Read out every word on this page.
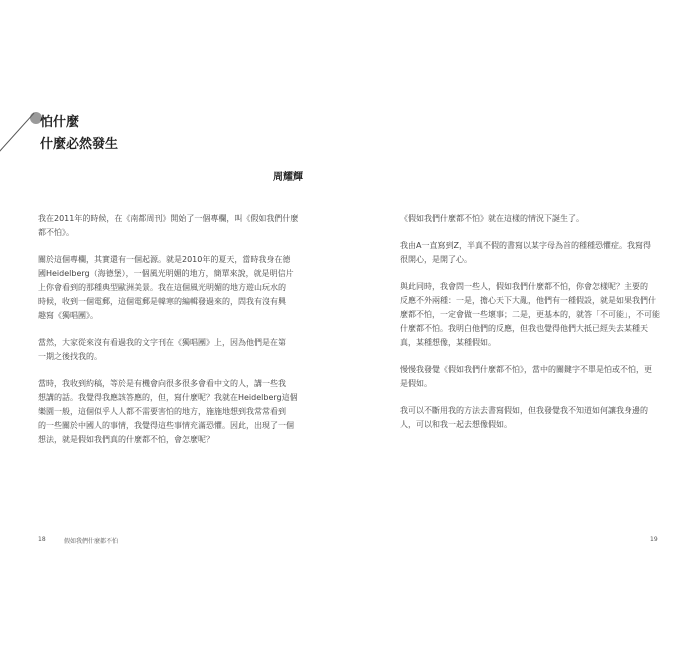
怕什麼
什麼必然發生
周耀輝

我在2011年的時候，在《南都周刊》開始了一個專欄，叫《假如我們什麼
都不怕》。

關於這個專欄，其實還有一個起源。就是2010年的夏天，當時我身在德
國Heidelberg（海德堡），一個風光明媚的地方，簡單來說，就是明信片
上你會看到的那種典型歐洲美景。我在這個風光明媚的地方遊山玩水的
時候，收到一個電郵，這個電郵是韓寒的編輯發過來的，問我有沒有興
趣寫《獨唱團》。

當然，大家從來沒有看過我的文字刊在《獨唱團》上，因為他們是在第
一期之後找我的。

當時，我收到約稿，等於是有機會向很多很多會看中文的人，講一些我
想講的話。我覺得我應該答應的，但，寫什麼呢？我就在Heidelberg這個
樂園一般，這個似乎人人都不需要害怕的地方，施施地想到我常常看到
的一些關於中國人的事情，我覺得這些事情充滿恐懼。因此，出現了一個
想法，就是假如我們真的什麼都不怕，會怎麼呢？

18	假如我們什麼都不怕

《假如我們什麼都不怕》就在這樣的情況下誕生了。

我由A一直寫到Z，半真不假的書寫以某字母為首的種種恐懼症。我寫得
很開心，是開了心。

與此同時，我會問一些人，假如我們什麼都不怕，你會怎樣呢？主要的
反應不外兩種：一是，擔心天下大亂，他們有一種假設，就是如果我們什
麼都不怕，一定會做一些壞事；二是，更基本的，就答「不可能」，不可能
什麼都不怕。我明白他們的反應，但我也覺得他們大抵已經失去某種天
真，某種想像，某種假如。

慢慢我發覺《假如我們什麼都不怕》，當中的關鍵字不單是怕或不怕，更
是假如。

我可以不斷用我的方法去書寫假如，但我發覺我不知道如何讓我身邊的
人，可以和我一起去想像假如。

19
